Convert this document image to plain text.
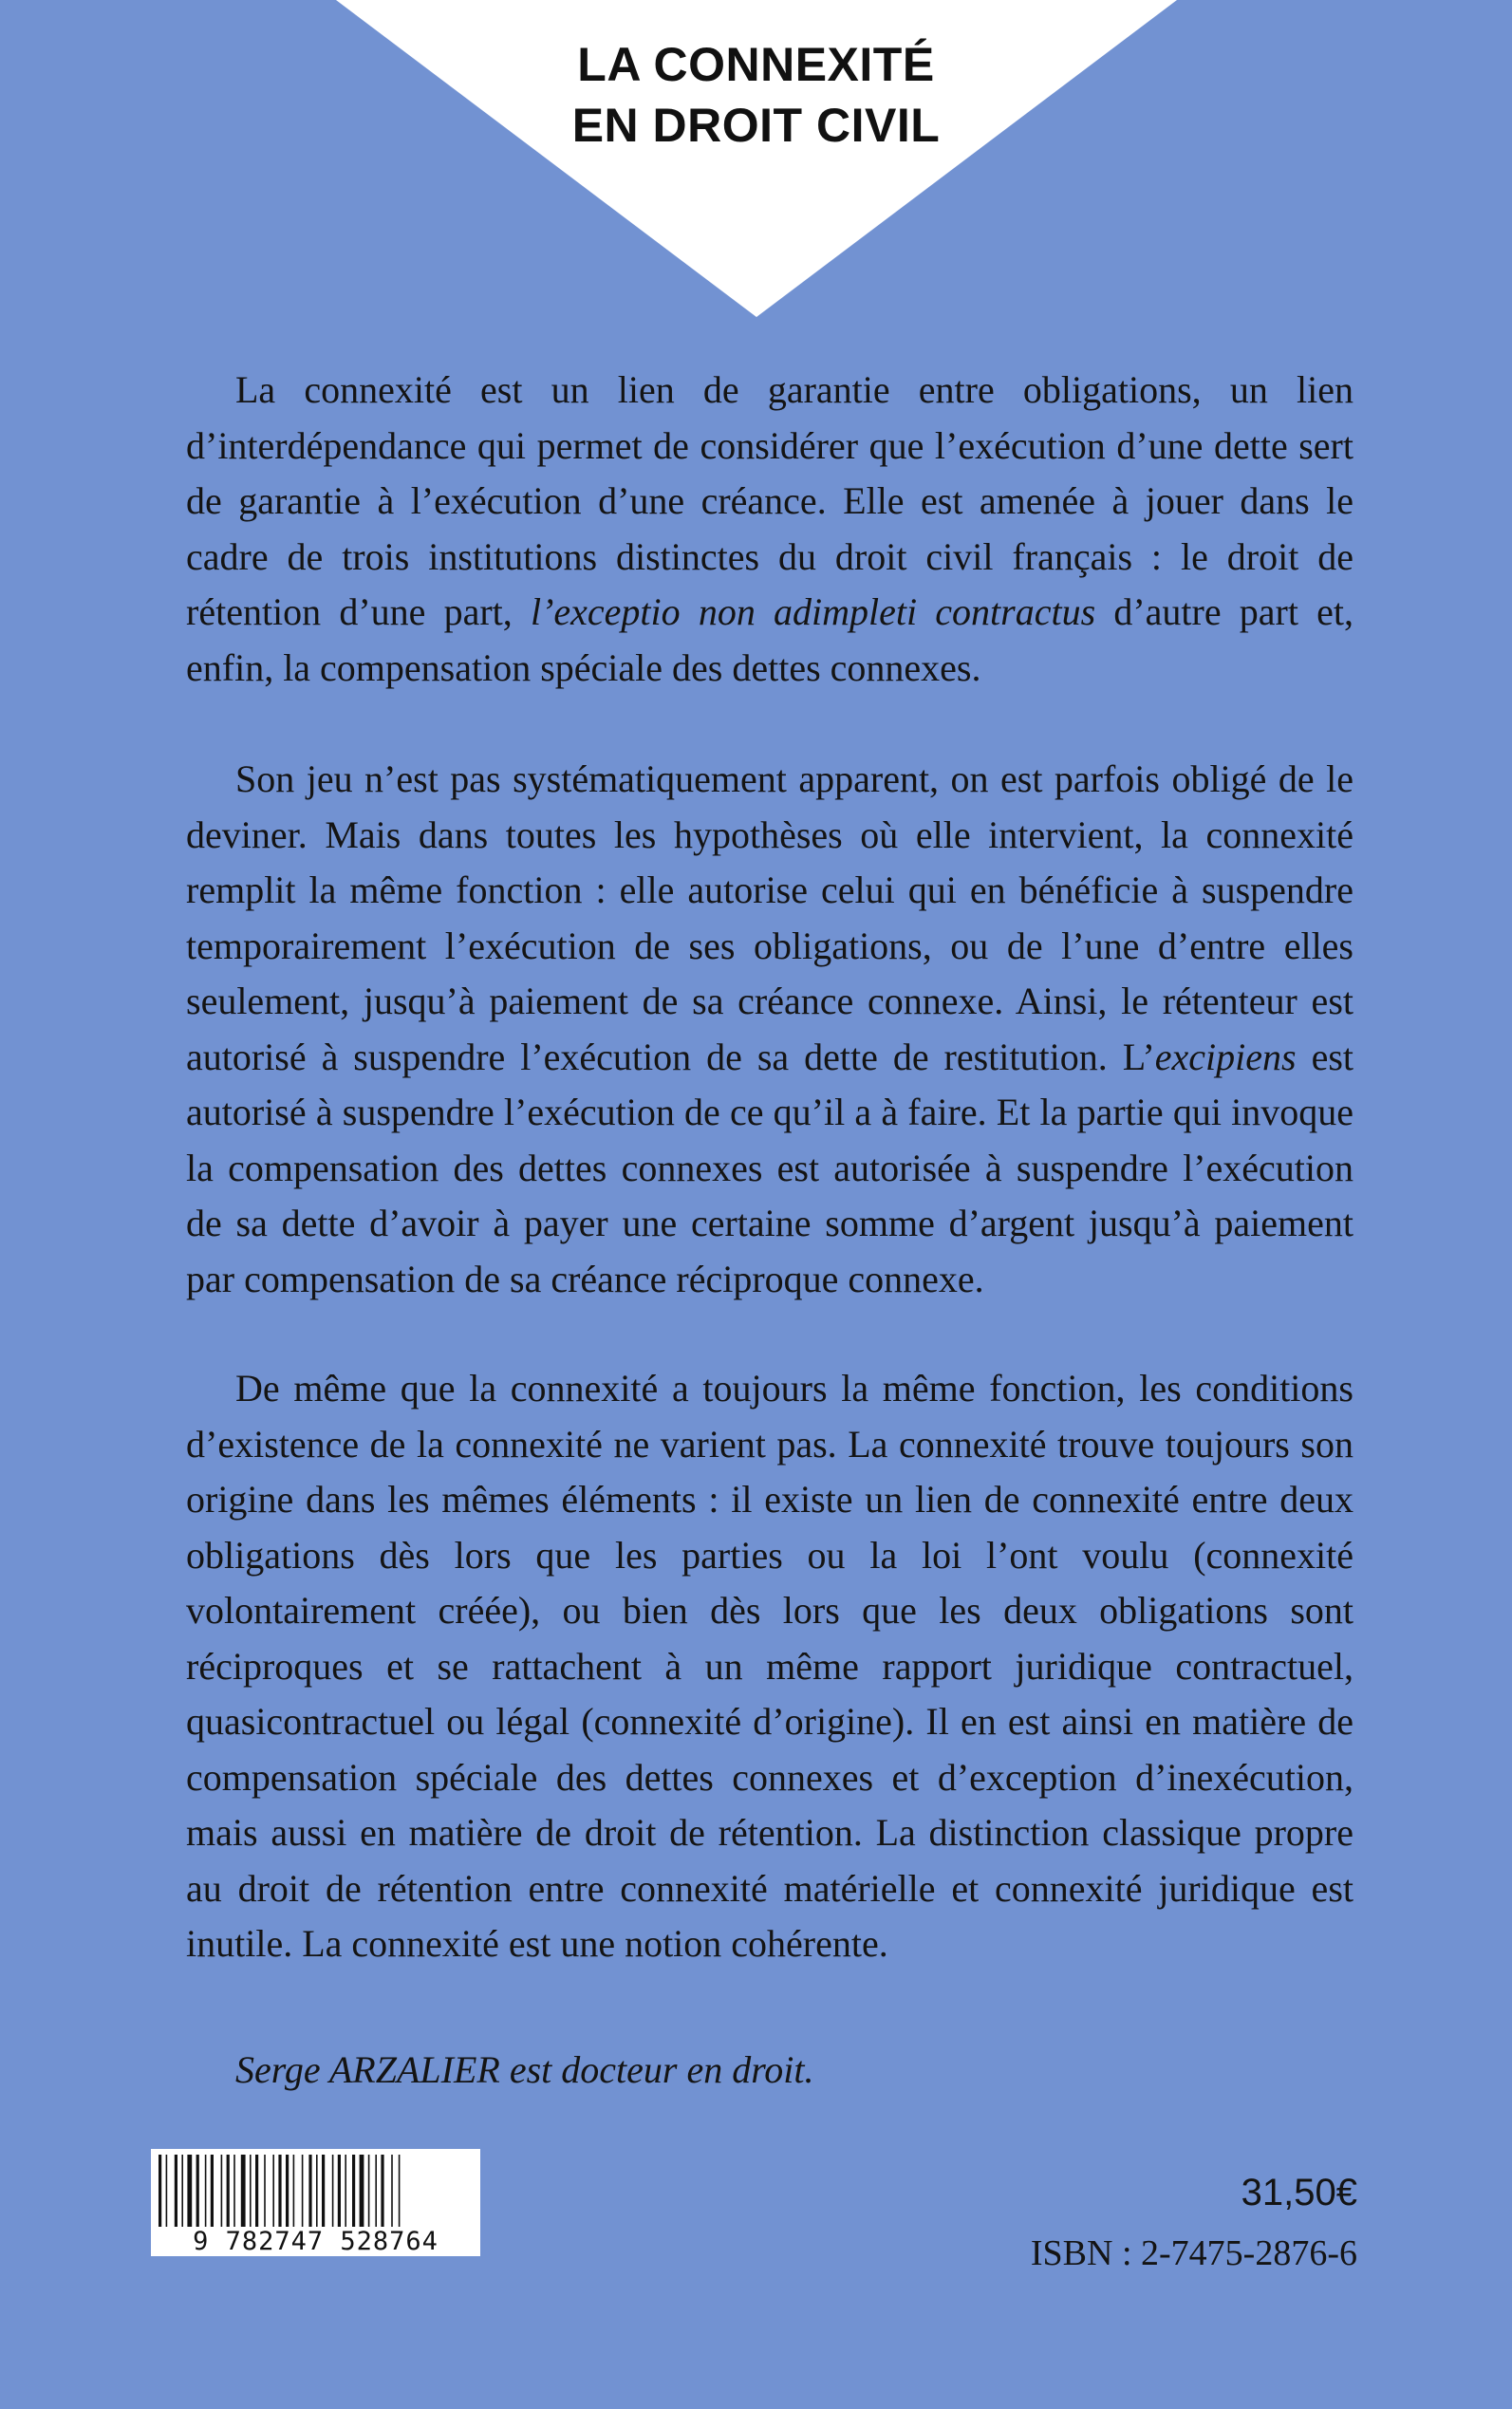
LA CONNEXITÉ
EN DROIT CIVIL

La connexité est un lien de garantie entre obligations, un lien d’interdépendance qui permet de considérer que l’exécution d’une dette sert de garantie à l’exécution d’une créance. Elle est amenée à jouer dans le cadre de trois institutions distinctes du droit civil français : le droit de rétention d’une part, l’exceptio non adimpleti contractus d’autre part et, enfin, la compensation spéciale des dettes connexes.

Son jeu n’est pas systématiquement apparent, on est parfois obligé de le deviner. Mais dans toutes les hypothèses où elle intervient, la connexité remplit la même fonction : elle autorise celui qui en bénéficie à suspendre temporairement l’exécution de ses obligations, ou de l’une d’entre elles seulement, jusqu’à paiement de sa créance connexe. Ainsi, le rétenteur est autorisé à suspendre l’exécution de sa dette de restitution. L’excipiens est autorisé à suspendre l’exécution de ce qu’il a à faire. Et la partie qui invoque la compensation des dettes connexes est autorisée à suspendre l’exécution de sa dette d’avoir à payer une certaine somme d’argent jusqu’à paiement par compensation de sa créance réciproque connexe.

De même que la connexité a toujours la même fonction, les conditions d’existence de la connexité ne varient pas. La connexité trouve toujours son origine dans les mêmes éléments : il existe un lien de connexité entre deux obligations dès lors que les parties ou la loi l’ont voulu (connexité volontairement créée), ou bien dès lors que les deux obligations sont réciproques et se rattachent à un même rapport juridique contractuel, quasicontractuel ou légal (connexité d’origine). Il en est ainsi en matière de compensation spéciale des dettes connexes et d’exception d’inexécution, mais aussi en matière de droit de rétention. La distinction classique propre au droit de rétention entre connexité matérielle et connexité juridique est inutile. La connexité est une notion cohérente.

Serge ARZALIER est docteur en droit.
9 782747 528764
31,50€
ISBN : 2-7475-2876-6
